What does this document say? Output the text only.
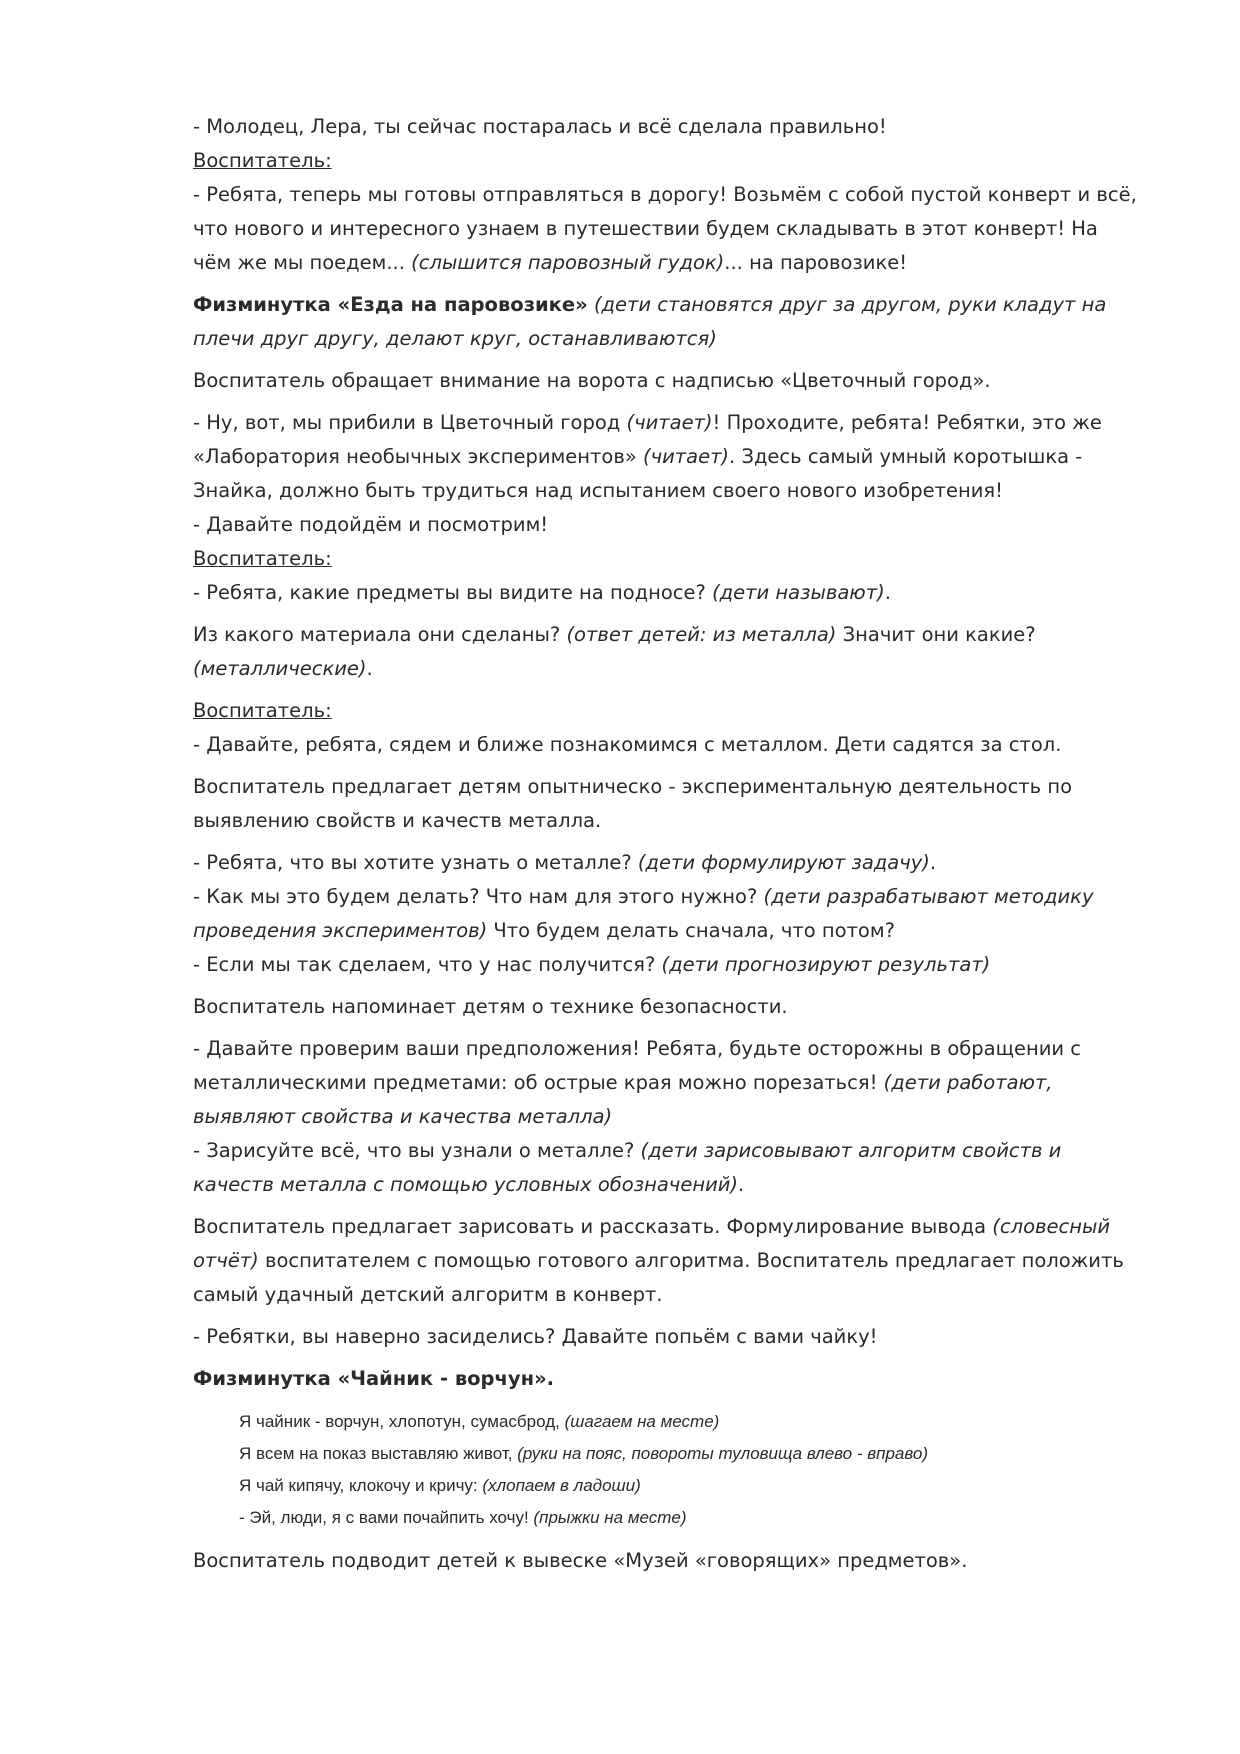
- Молодец, Лера, ты сейчас постаралась и всё сделала правильно!

Воспитатель:

- Ребята, теперь мы готовы отправляться в дорогу! Возьмём с собой пустой конверт и всё, что нового и интересного узнаем в путешествии будем складывать в этот конверт! На чём же мы поедем... (слышится паровозный гудок)... на паровозике!

Физминутка «Езда на паровозике» (дети становятся друг за другом, руки кладут на плечи друг другу, делают круг, останавливаются)

Воспитатель обращает внимание на ворота с надписью «Цветочный город».

- Ну, вот, мы прибили в Цветочный город (читает)! Проходите, ребята! Ребятки, это же «Лаборатория необычных экспериментов» (читает). Здесь самый умный коротышка - Знайка, должно быть трудиться над испытанием своего нового изобретения!

- Давайте подойдём и посмотрим!

Воспитатель:

- Ребята, какие предметы вы видите на подносе? (дети называют).

Из какого материала они сделаны? (ответ детей: из металла) Значит они какие? (металлические).

Воспитатель:

- Давайте, ребята, сядем и ближе познакомимся с металлом. Дети садятся за стол.

Воспитатель предлагает детям опытническо - экспериментальную деятельность по выявлению свойств и качеств металла.

- Ребята, что вы хотите узнать о металле? (дети формулируют задачу).

- Как мы это будем делать? Что нам для этого нужно? (дети разрабатывают методику проведения экспериментов) Что будем делать сначала, что потом?

- Если мы так сделаем, что у нас получится? (дети прогнозируют результат)

Воспитатель напоминает детям о технике безопасности.

- Давайте проверим ваши предположения! Ребята, будьте осторожны в обращении с металлическими предметами: об острые края можно порезаться! (дети работают, выявляют свойства и качества металла)

- Зарисуйте всё, что вы узнали о металле? (дети зарисовывают алгоритм свойств и качеств металла с помощью условных обозначений).

Воспитатель предлагает зарисовать и рассказать. Формулирование вывода (словесный отчёт) воспитателем с помощью готового алгоритма. Воспитатель предлагает положить самый удачный детский алгоритм в конверт.

- Ребятки, вы наверно засиделись? Давайте попьём с вами чайку!

Физминутка «Чайник - ворчун».

Я чайник - ворчун, хлопотун, сумасброд, (шагаем на месте)

Я всем на показ выставляю живот, (руки на пояс, повороты туловища влево - вправо)

Я чай кипячу, клокочу и кричу: (хлопаем в ладоши)

- Эй, люди, я с вами почайпить хочу! (прыжки на месте)

Воспитатель подводит детей к вывеске «Музей «говорящих» предметов».
